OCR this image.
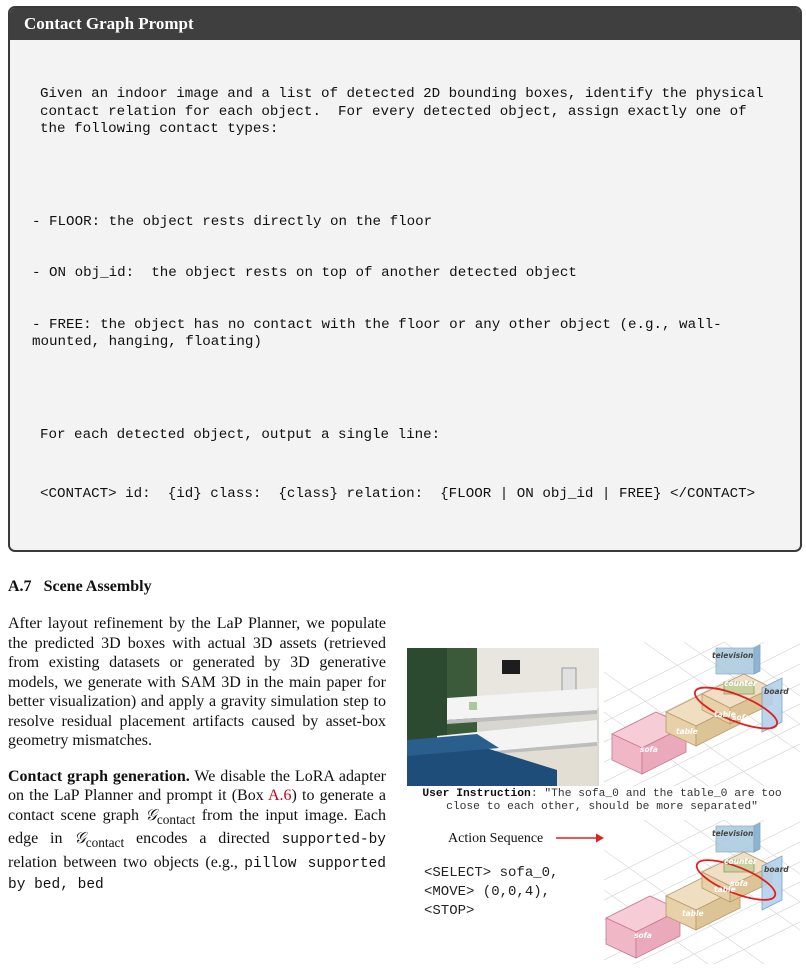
Contact Graph Prompt

Given an indoor image and a list of detected 2D bounding boxes, identify the physical contact relation for each object.  For every detected object, assign exactly one of the following contact types:

- FLOOR: the object rests directly on the floor

- ON obj_id:  the object rests on top of another detected object

- FREE: the object has no contact with the floor or any other object (e.g., wall-mounted, hanging, floating)

For each detected object, output a single line:

<CONTACT> id:  {id} class:  {class} relation:  {FLOOR | ON obj_id | FREE} </CONTACT>

A.7 Scene Assembly

After layout refinement by the LaP Planner, we populate the predicted 3D boxes with actual 3D assets (retrieved from existing datasets or generated by 3D generative models, we generate with SAM 3D in the main paper for better visualization) and apply a gravity simulation step to resolve residual placement artifacts caused by asset-box geometry mismatches.

Contact graph generation. We disable the LoRA adapter on the LaP Planner and prompt it (Box A.6) to generate a contact scene graph 𝒢$_{contact}$ from the input image. Each edge in 𝒢$_{contact}$ encodes a directed supported-by relation between two objects (e.g., pillow supported by bed, bed

television
counter
board
table
sofa
table
sofa
User Instruction: "The sofa_0 and the table_0 are too close to each other, should be more separated"
television
counter
board
sofa
table
table
sofa
Action Sequence
<SELECT> sofa_0,
<MOVE> (0,0,4),
<STOP>
